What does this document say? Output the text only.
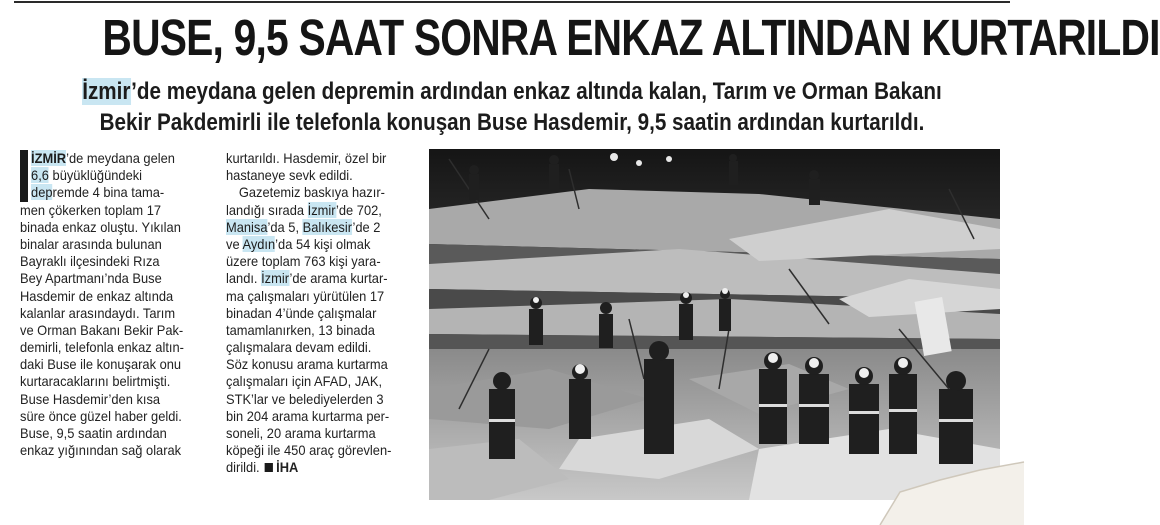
BUSE, 9,5 SAAT SONRA ENKAZ ALTINDAN KURTARILDI
İzmir’de meydana gelen depremin ardından enkaz altında kalan, Tarım ve Orman Bakanı
Bekir Pakdemirli ile telefonla konuşan Buse Hasdemir, 9,5 saatin ardından kurtarıldı.
İZMİR’de meydana gelen
6,6 büyüklüğündeki
depremde 4 bina tama-
men çökerken toplam 17
binada enkaz oluştu. Yıkılan
binalar arasında bulunan
Bayraklı ilçesindeki Rıza
Bey Apartmanı’nda Buse
Hasdemir de enkaz altında
kalanlar arasındaydı. Tarım
ve Orman Bakanı Bekir Pak-
demirli, telefonla enkaz altın-
daki Buse ile konuşarak onu
kurtaracaklarını belirtmişti.
Buse Hasdemir’den kısa
süre önce güzel haber geldi.
Buse, 9,5 saatin ardından
enkaz yığınından sağ olarak
kurtarıldı. Hasdemir, özel bir
hastaneye sevk edildi.
Gazetemiz baskıya hazır-
landığı sırada İzmir’de 702,
Manisa’da 5, Balıkesir’de 2
ve Aydın’da 54 kişi olmak
üzere toplam 763 kişi yara-
landı. İzmir’de arama kurtar-
ma çalışmaları yürütülen 17
binadan 4’ünde çalışmalar
tamamlanırken, 13 binada
çalışmalara devam edildi.
Söz konusu arama kurtarma
çalışmaları için AFAD, JAK,
STK’lar ve belediyelerden 3
bin 204 arama kurtarma per-
soneli, 20 arama kurtarma
köpeği ile 450 araç görevlen-
dirildi. İHA
